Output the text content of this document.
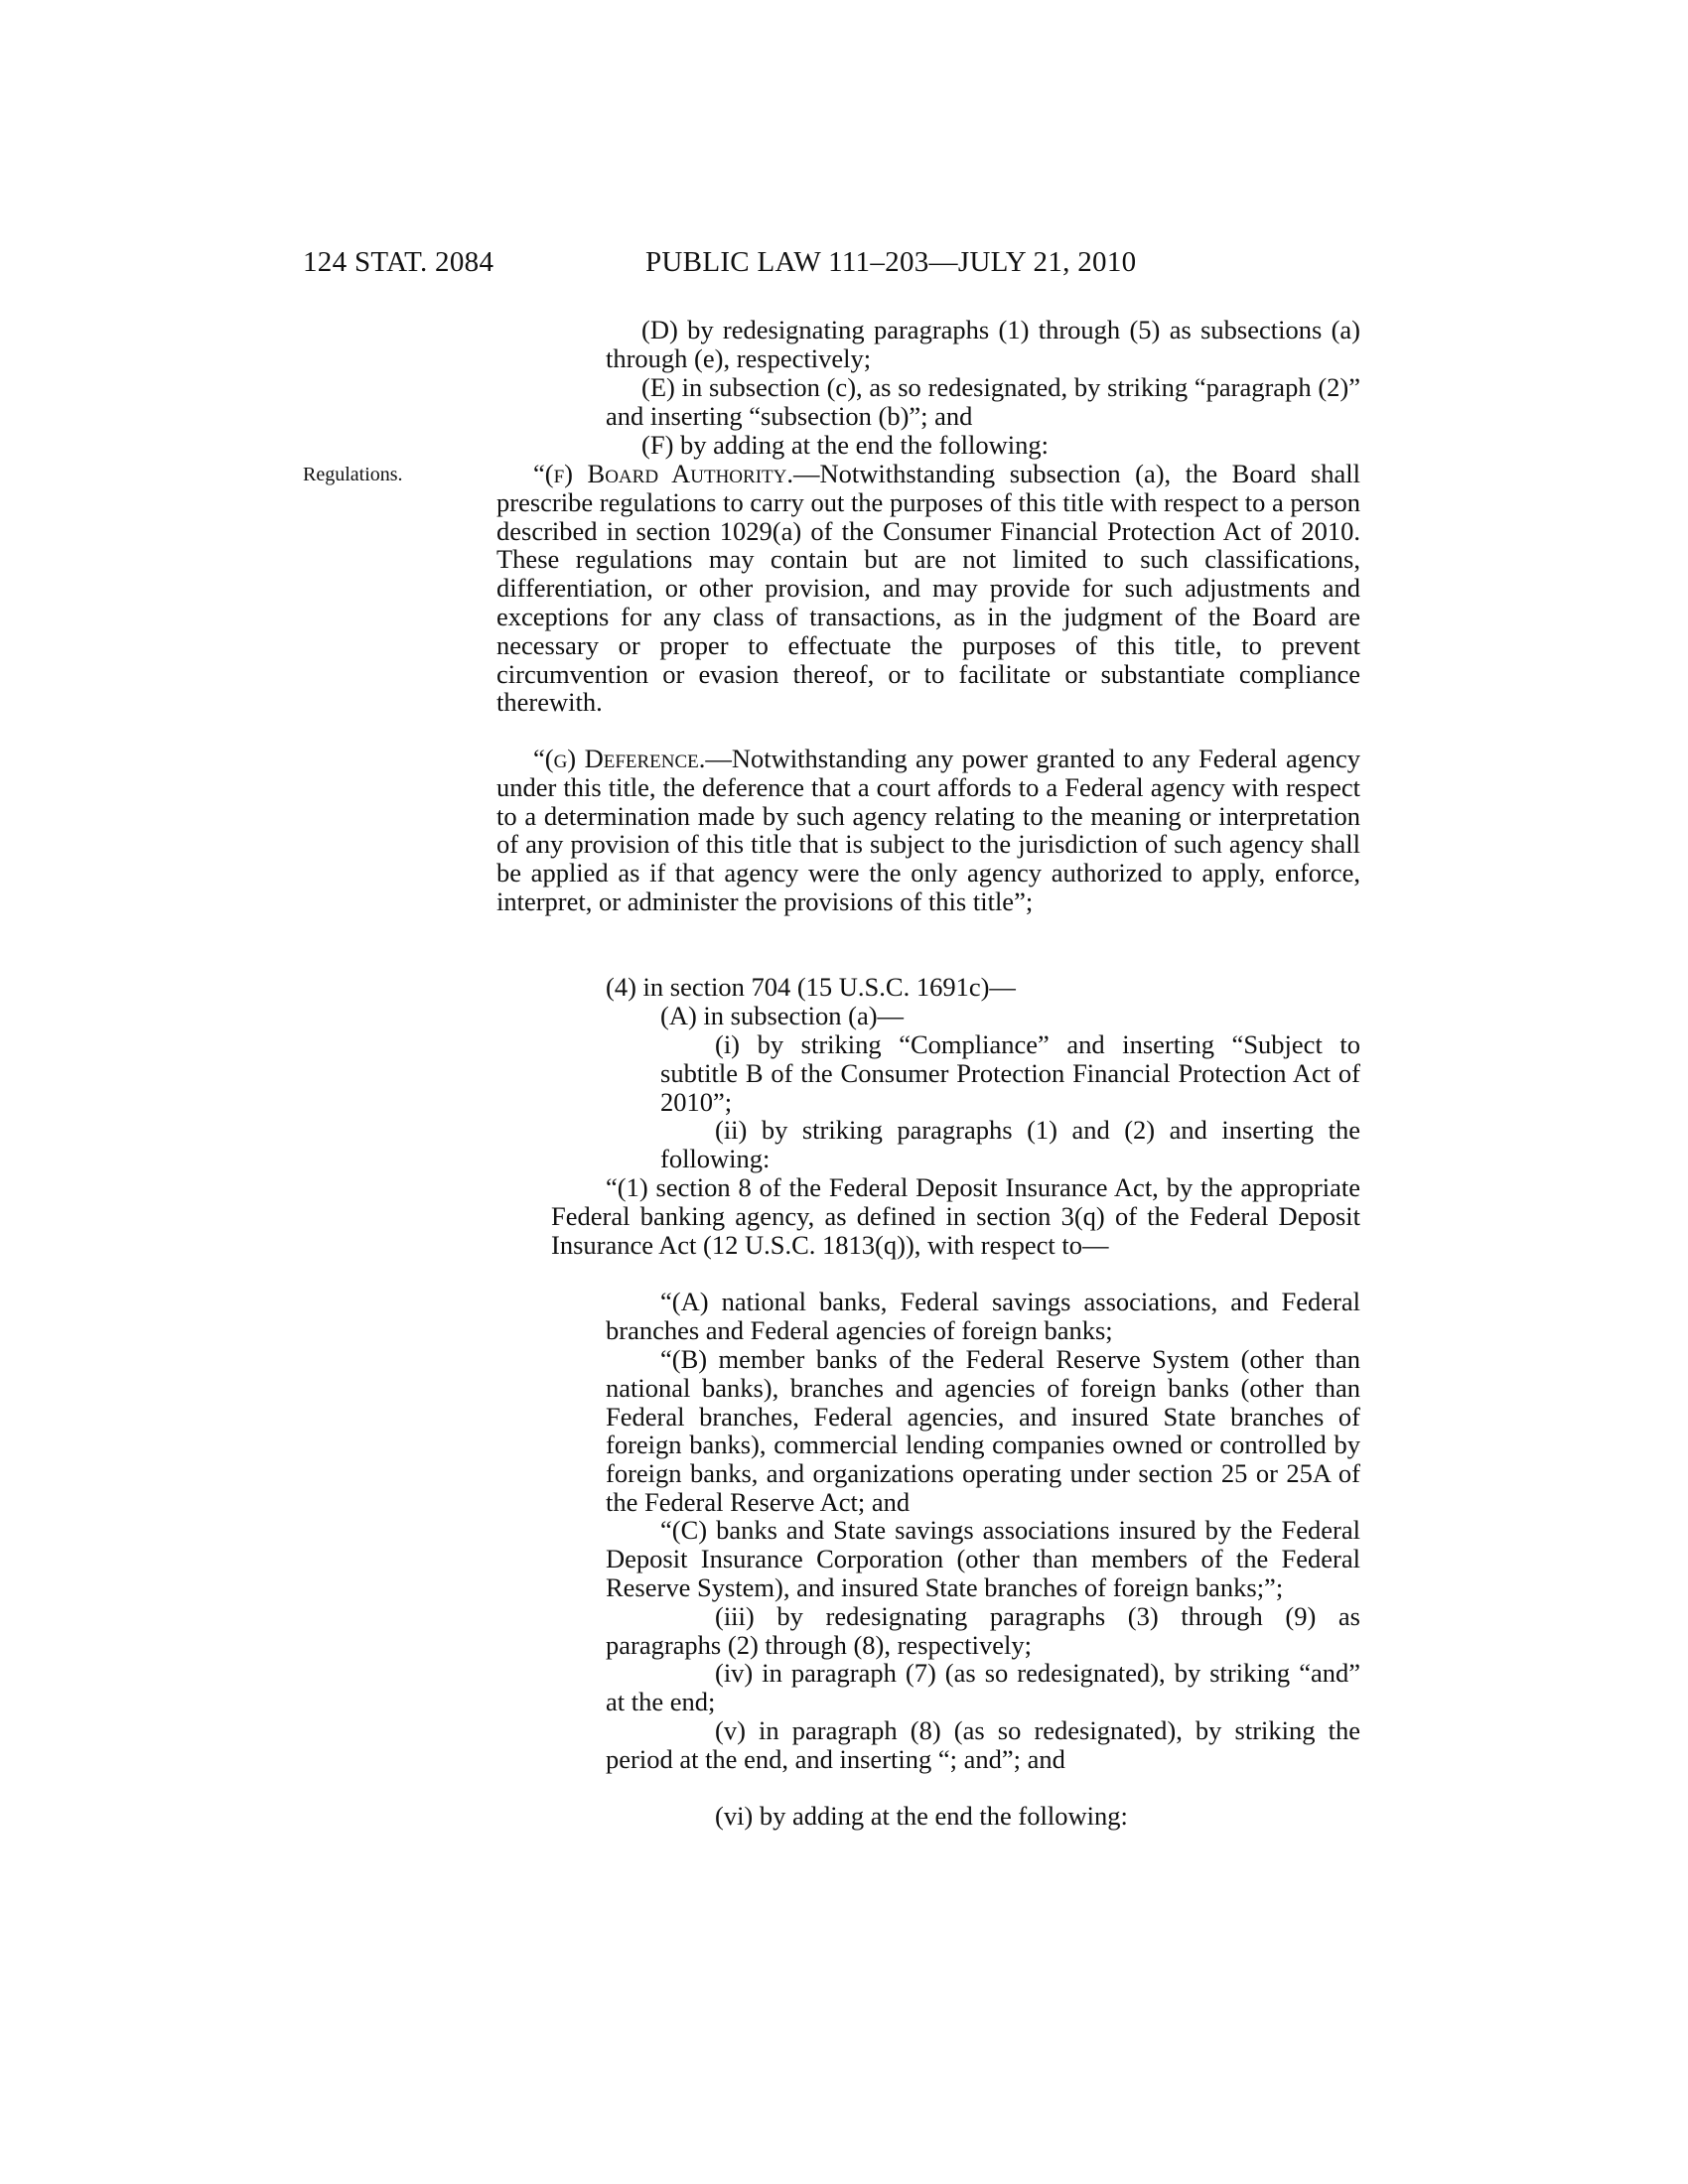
124 STAT. 2084	PUBLIC LAW 111–203—JULY 21, 2010
Regulations.
(D) by redesignating paragraphs (1) through (5) as subsections (a) through (e), respectively;
(E) in subsection (c), as so redesignated, by striking “paragraph (2)” and inserting “subsection (b)”; and
(F) by adding at the end the following:
“(f) Board Authority.—Notwithstanding subsection (a), the Board shall prescribe regulations to carry out the purposes of this title with respect to a person described in section 1029(a) of the Consumer Financial Protection Act of 2010. These regulations may contain but are not limited to such classifications, differentiation, or other provision, and may provide for such adjustments and exceptions for any class of transactions, as in the judgment of the Board are necessary or proper to effectuate the purposes of this title, to prevent circumvention or evasion thereof, or to facilitate or substantiate compliance therewith.
“(g) Deference.—Notwithstanding any power granted to any Federal agency under this title, the deference that a court affords to a Federal agency with respect to a determination made by such agency relating to the meaning or interpretation of any provision of this title that is subject to the jurisdiction of such agency shall be applied as if that agency were the only agency authorized to apply, enforce, interpret, or administer the provisions of this title”;
(4) in section 704 (15 U.S.C. 1691c)—
(A) in subsection (a)—
(i) by striking “Compliance” and inserting “Subject to subtitle B of the Consumer Protection Financial Protection Act of 2010”;
(ii) by striking paragraphs (1) and (2) and inserting the following:
“(1) section 8 of the Federal Deposit Insurance Act, by the appropriate Federal banking agency, as defined in section 3(q) of the Federal Deposit Insurance Act (12 U.S.C. 1813(q)), with respect to—
“(A) national banks, Federal savings associations, and Federal branches and Federal agencies of foreign banks;
“(B) member banks of the Federal Reserve System (other than national banks), branches and agencies of foreign banks (other than Federal branches, Federal agencies, and insured State branches of foreign banks), commercial lending companies owned or controlled by foreign banks, and organizations operating under section 25 or 25A of the Federal Reserve Act; and
“(C) banks and State savings associations insured by the Federal Deposit Insurance Corporation (other than members of the Federal Reserve System), and insured State branches of foreign banks;”;
(iii) by redesignating paragraphs (3) through (9) as paragraphs (2) through (8), respectively;
(iv) in paragraph (7) (as so redesignated), by striking “and” at the end;
(v) in paragraph (8) (as so redesignated), by striking the period at the end, and inserting “; and”; and
(vi) by adding at the end the following:
